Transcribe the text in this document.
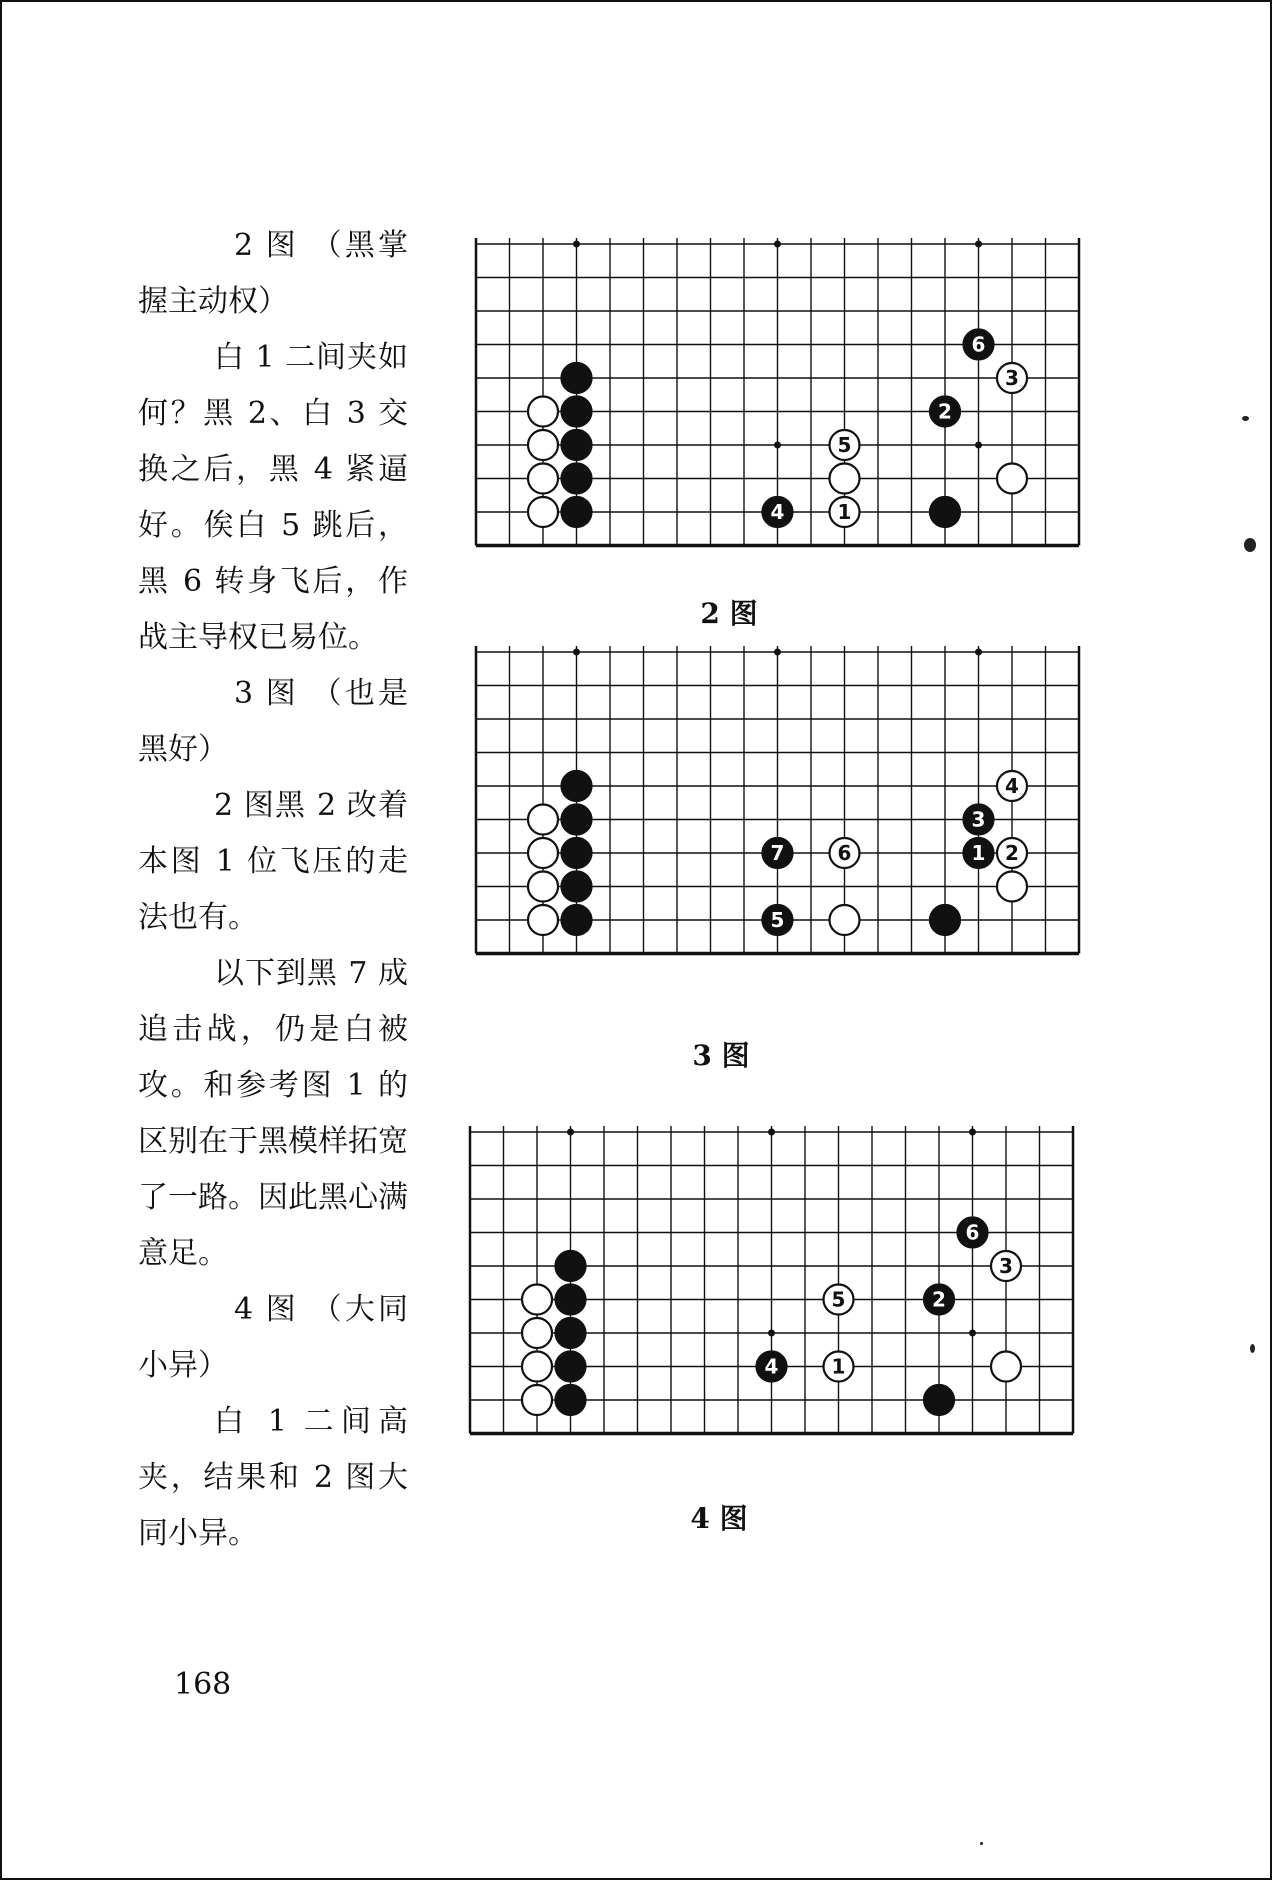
2 图 （黑掌握主动权）

白 1 二间夹如何？黑 2、白 3 交换之后，黑 4 紧逼好。俟白 5 跳后，黑 6 转身飞后，作战主导权已易位。

3 图 （也是黑好）

2 图黑 2 改着本图 1 位飞压的走法也有。

以下到黑 7 成追击战，仍是白被攻。和参考图 1 的区别在于黑模样拓宽了一路。因此黑心满意足。

4 图 （大同小异）

白 1 二间高夹，结果和 2 图大同小异。

168
1
2
3
4
5
6
2 图
1 2
3
4
5
6
7
3 图
1
2
3
4
5
6
4 图
